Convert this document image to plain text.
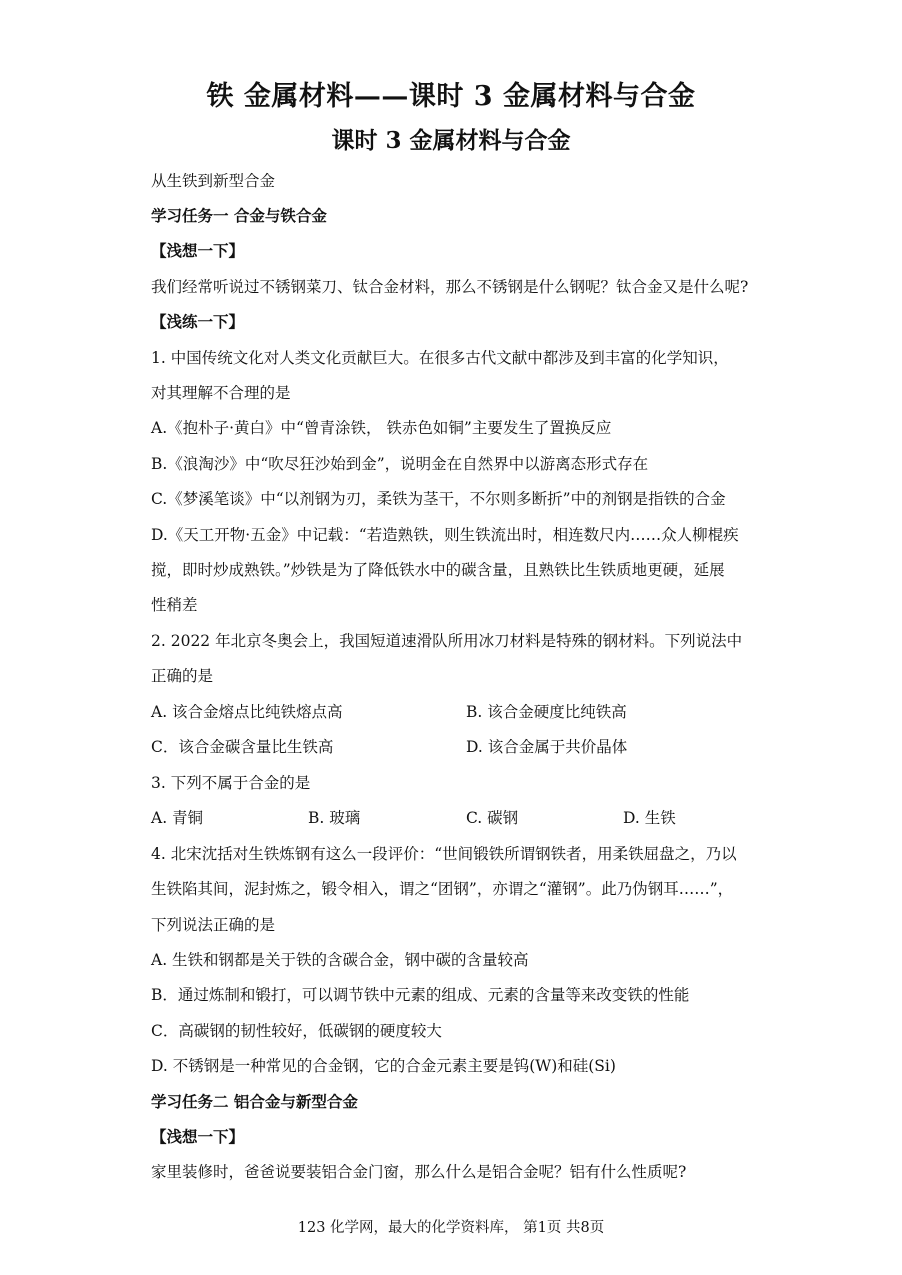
铁 金属材料——课时 3 金属材料与合金
课时 3 金属材料与合金
从生铁到新型合金
学习任务一 合金与铁合金
【浅想一下】
我们经常听说过不锈钢菜刀、钛合金材料，那么不锈钢是什么钢呢？钛合金又是什么呢?
【浅练一下】
1. 中国传统文化对人类文化贡献巨大。在很多古代文献中都涉及到丰富的化学知识，
对其理解不合理的是
A.《抱朴子·黄白》中“曾青涂铁， 铁赤色如铜”主要发生了置换反应
B.《浪淘沙》中“吹尽狂沙始到金”，说明金在自然界中以游离态形式存在
C.《梦溪笔谈》中“以剂钢为刃，柔铁为茎干，不尔则多断折”中的剂钢是指铁的合金
D.《天工开物·五金》中记载：“若造熟铁，则生铁流出时，相连数尺内……众人柳棍疾
搅，即时炒成熟铁。”炒铁是为了降低铁水中的碳含量，且熟铁比生铁质地更硬，延展
性稍差
2. 2022 年北京冬奥会上，我国短道速滑队所用冰刀材料是特殊的钢材料。下列说法中
正确的是
A. 该合金熔点比纯铁熔点高	B. 该合金硬度比纯铁高
C．该合金碳含量比生铁高	D. 该合金属于共价晶体
3. 下列不属于合金的是
A. 青铜	B. 玻璃	C. 碳钢	D. 生铁
4. 北宋沈括对生铁炼钢有这么一段评价：“世间锻铁所谓钢铁者，用柔铁屈盘之，乃以
生铁陷其间，泥封炼之，锻令相入，谓之“团钢”，亦谓之“灌钢”。此乃伪钢耳……”，
下列说法正确的是
A. 生铁和钢都是关于铁的含碳合金，钢中碳的含量较高
B．通过炼制和锻打，可以调节铁中元素的组成、元素的含量等来改变铁的性能
C．高碳钢的韧性较好，低碳钢的硬度较大
D. 不锈钢是一种常见的合金钢，它的合金元素主要是钨(W)和硅(Si)
学习任务二 铝合金与新型合金
【浅想一下】
家里装修时，爸爸说要装铝合金门窗，那么什么是铝合金呢？铝有什么性质呢?
123 化学网，最大的化学资料库， 第1页 共8页
